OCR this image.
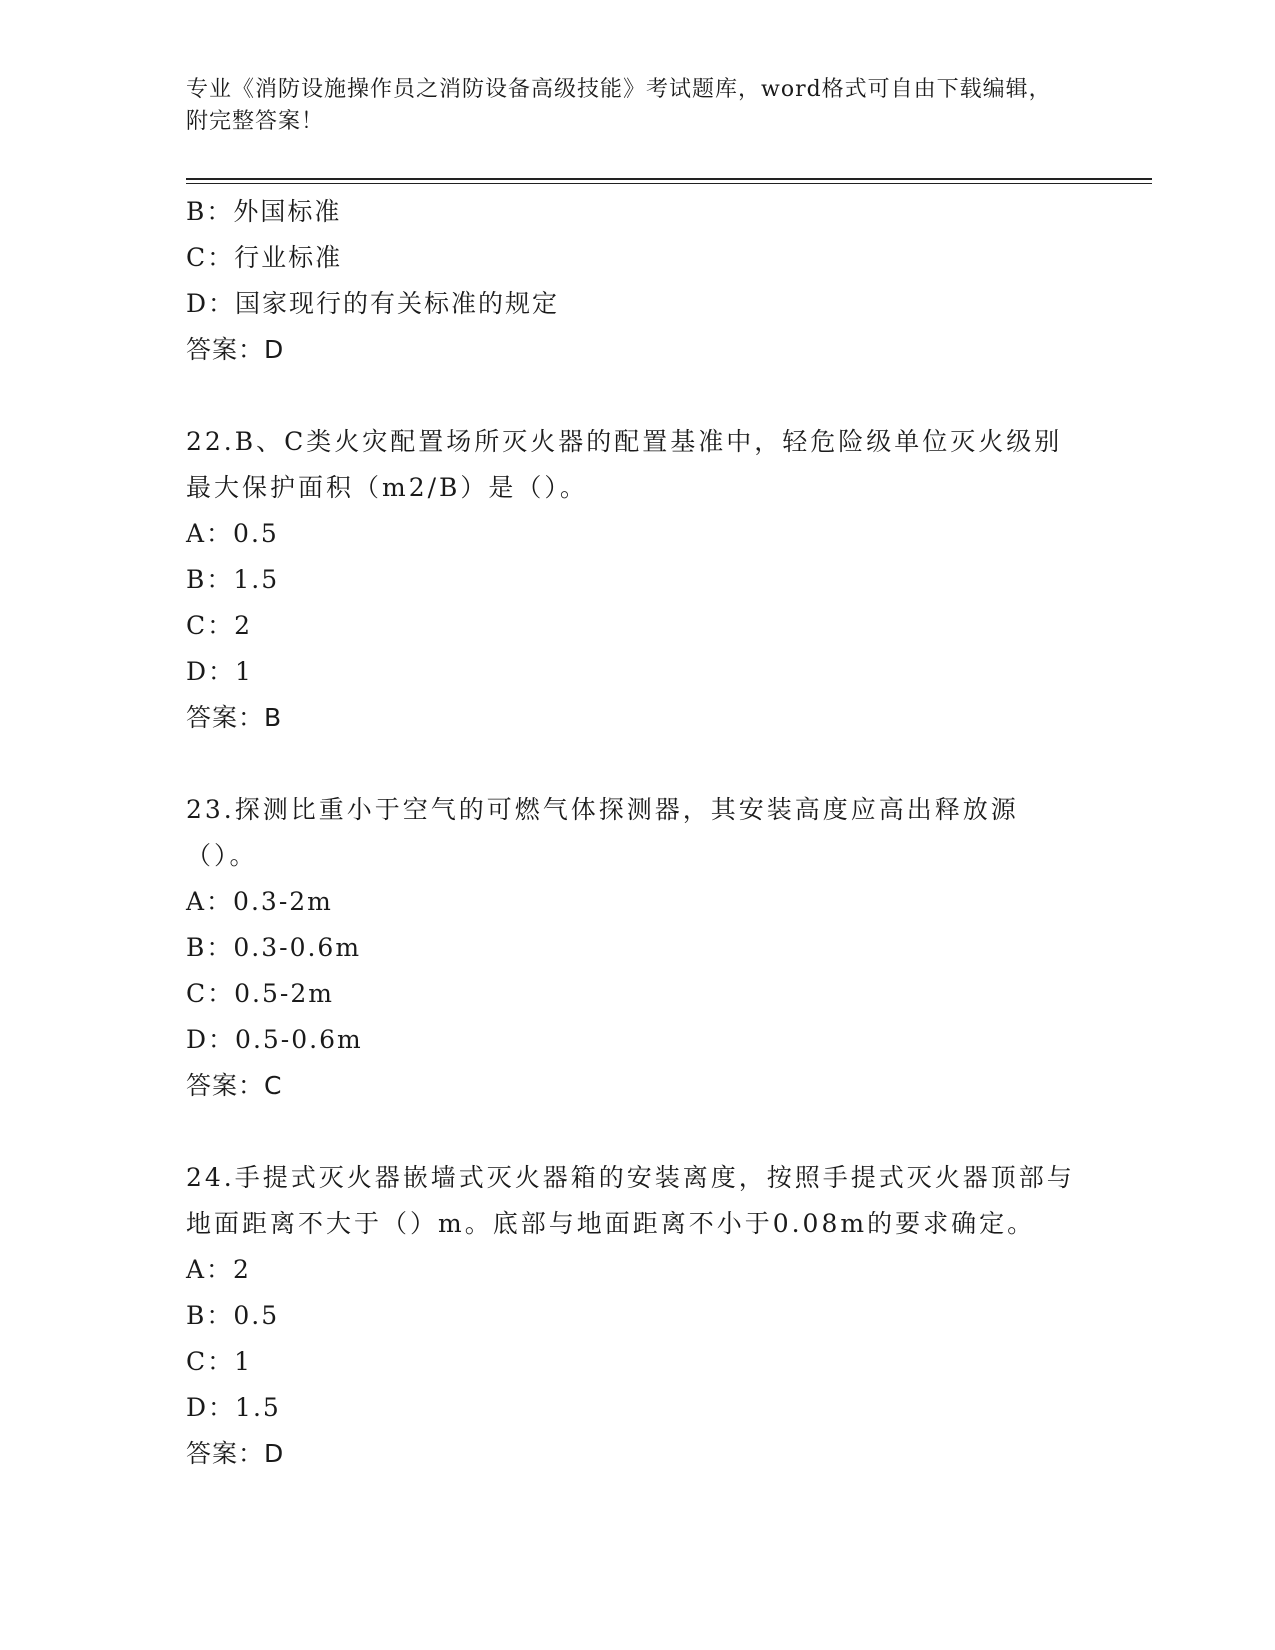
专业《消防设施操作员之消防设备高级技能》考试题库，word格式可自由下载编辑，附完整答案！
B：外国标准
C：行业标准
D：国家现行的有关标准的规定
答案：D
22.B、C类火灾配置场所灭火器的配置基准中，轻危险级单位灭火级别最大保护面积（m2/B）是（）。
A：0.5
B：1.5
C：2
D：1
答案：B
23.探测比重小于空气的可燃气体探测器，其安装高度应高出释放源（）。
A：0.3-2m
B：0.3-0.6m
C：0.5-2m
D：0.5-0.6m
答案：C
24.手提式灭火器嵌墙式灭火器箱的安装离度，按照手提式灭火器顶部与地面距离不大于（）m。底部与地面距离不小于0.08m的要求确定。
A：2
B：0.5
C：1
D：1.5
答案：D
